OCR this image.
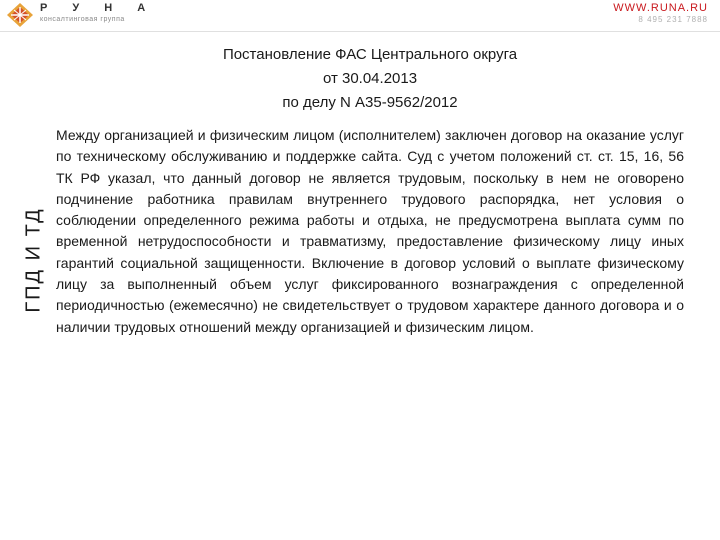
Р У Н А
консалтинговая группа
WWW.RUNA.RU
8 495 231 7888
Постановление ФАС Центрального округа
от 30.04.2013
по делу N А35-9562/2012
ГПД И ТД
Между организацией и физическим лицом (исполнителем) заключен договор на оказание услуг по техническому обслуживанию и поддержке сайта. Суд с учетом положений ст. ст. 15, 16, 56 ТК РФ указал, что данный договор не является трудовым, поскольку в нем не оговорено подчинение работника правилам внутреннего трудового распорядка, нет условия о соблюдении определенного режима работы и отдыха, не предусмотрена выплата сумм по временной нетрудоспособности и травматизму, предоставление физическому лицу иных гарантий социальной защищенности. Включение в договор условий о выплате физическому лицу за выполненный объем услуг фиксированного вознаграждения с определенной периодичностью (ежемесячно) не свидетельствует о трудовом характере данного договора и о наличии трудовых отношений между организацией и физическим лицом.
